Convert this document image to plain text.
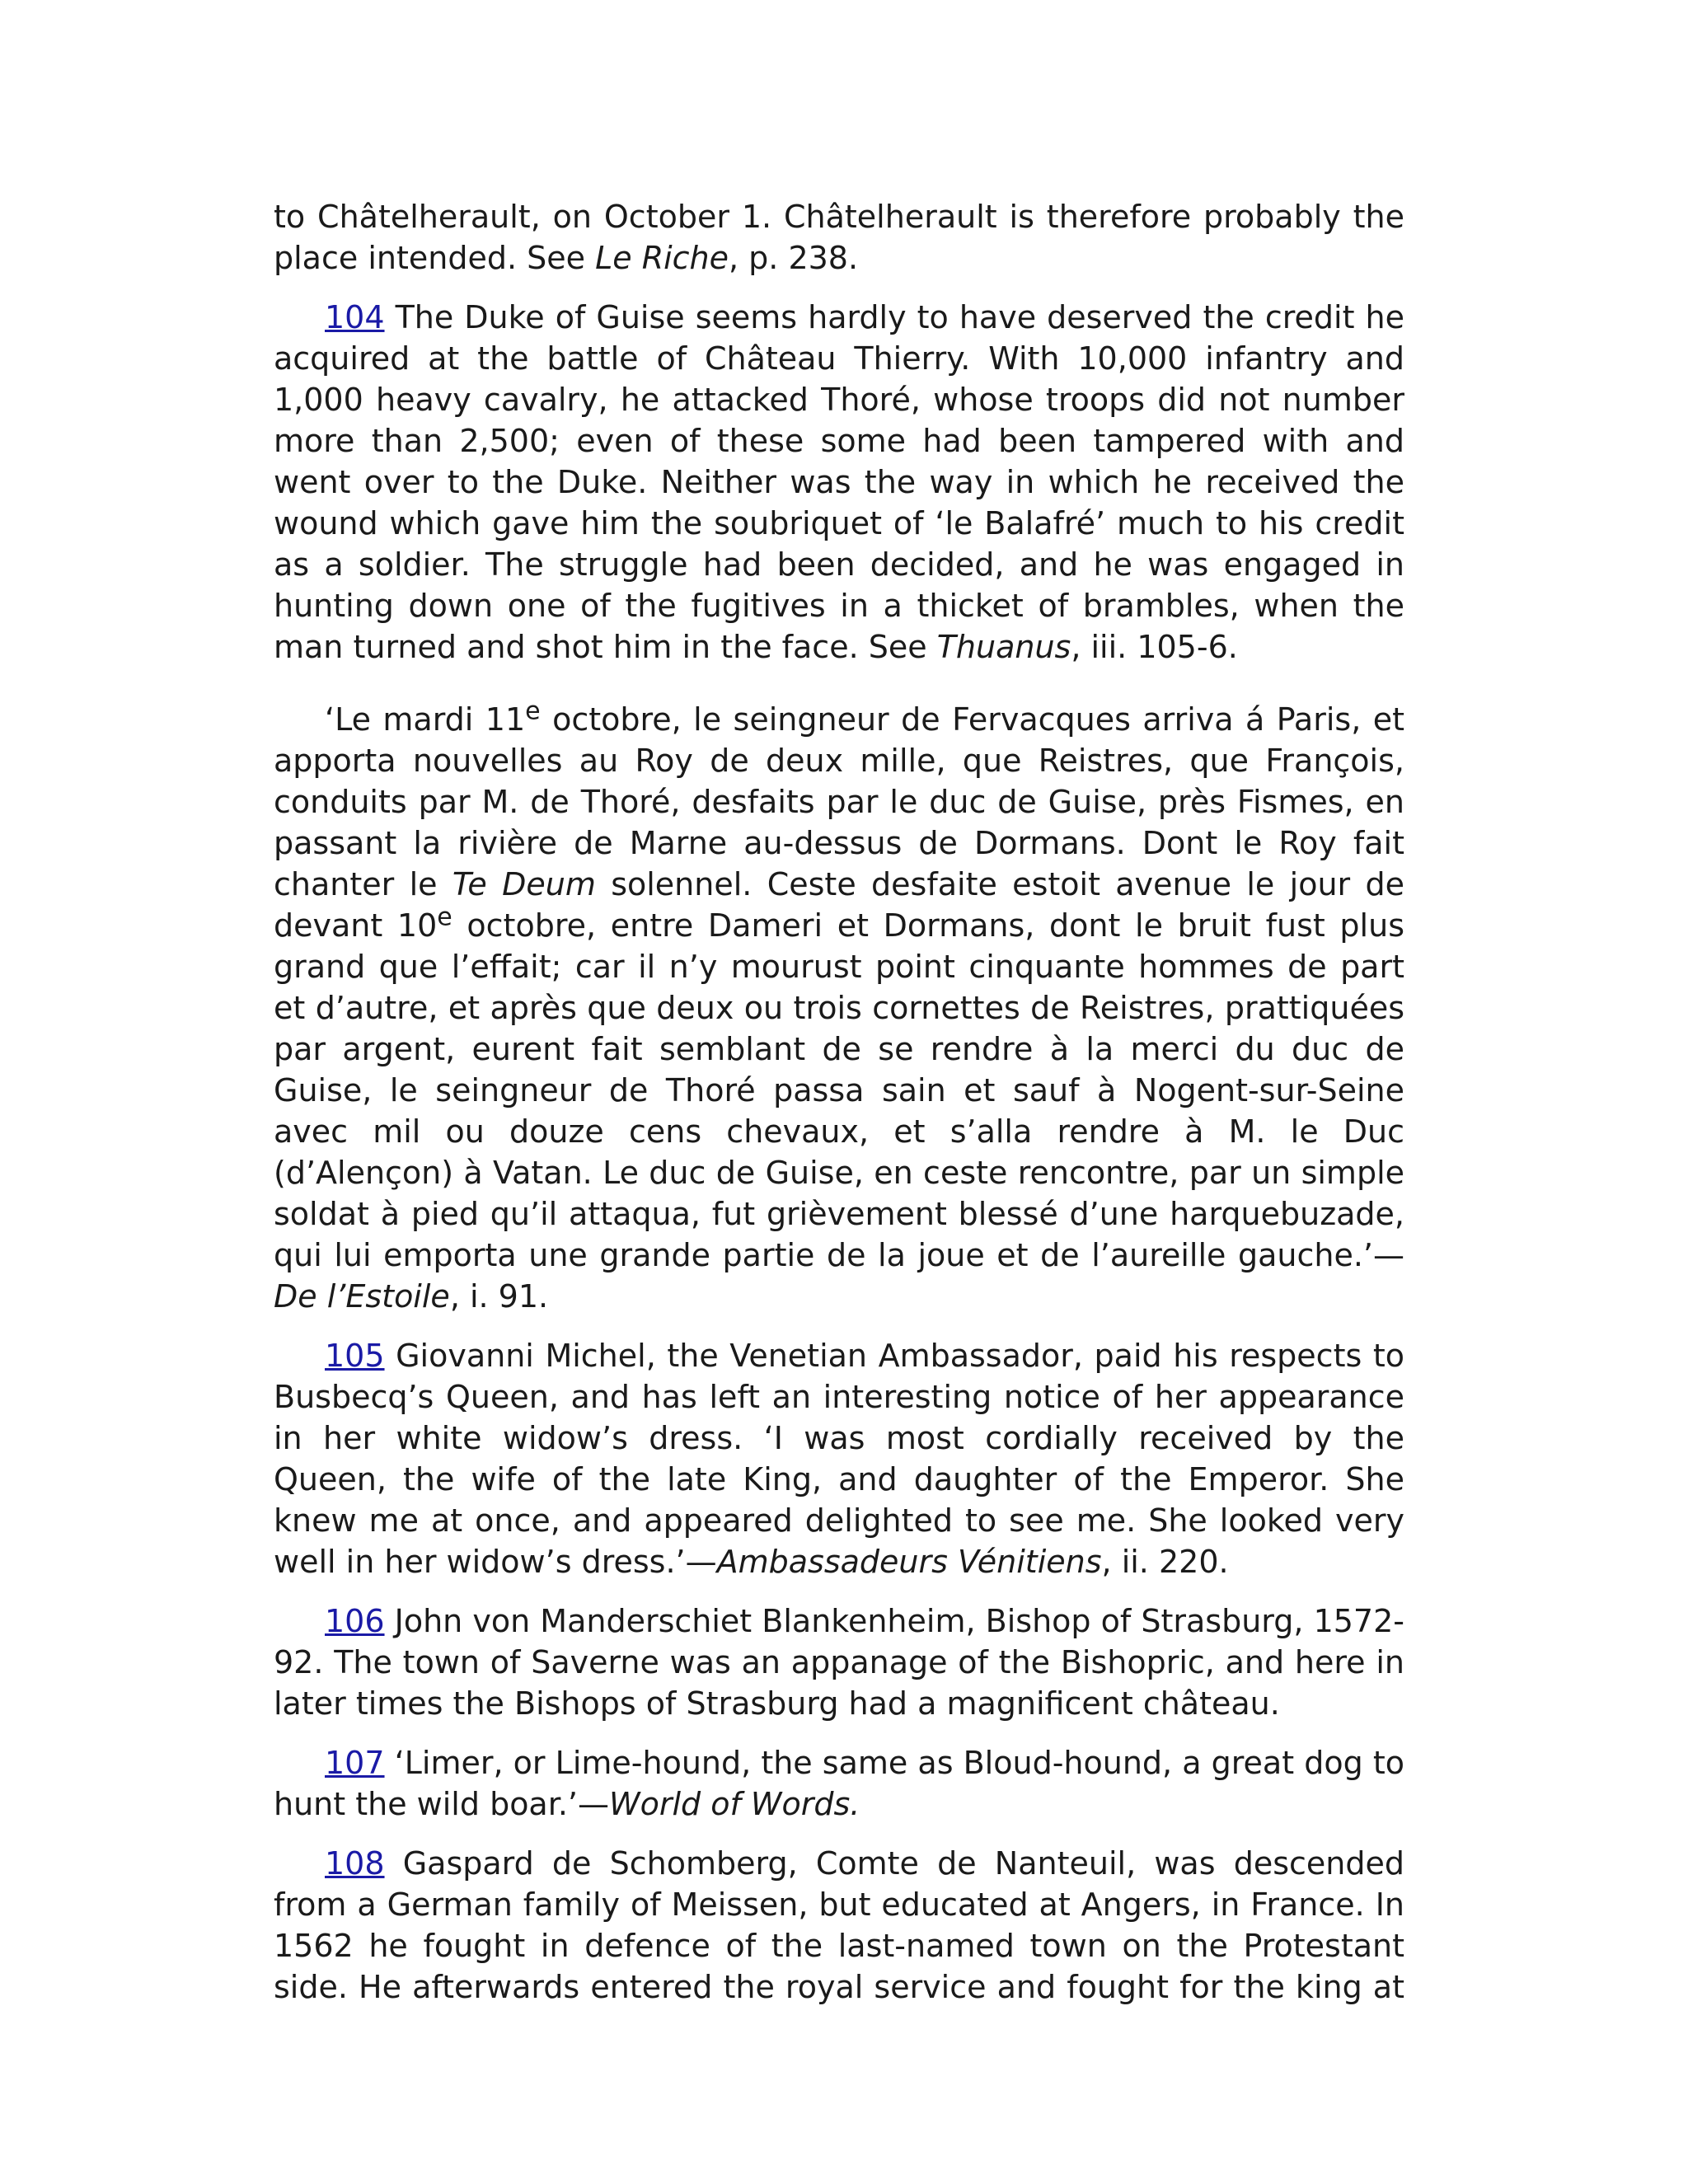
to Châtelherault, on October 1. Châtelherault is therefore probably the place intended. See Le Riche, p. 238.

104 The Duke of Guise seems hardly to have deserved the credit he acquired at the battle of Château Thierry. With 10,000 infantry and 1,000 heavy cavalry, he attacked Thoré, whose troops did not number more than 2,500; even of these some had been tampered with and went over to the Duke. Neither was the way in which he received the wound which gave him the soubriquet of ‘le Balafré’ much to his credit as a soldier. The struggle had been decided, and he was engaged in hunting down one of the fugitives in a thicket of brambles, when the man turned and shot him in the face. See Thuanus, iii. 105-6.

‘Le mardi 11e octobre, le seingneur de Fervacques arriva á Paris, et apporta nouvelles au Roy de deux mille, que Reistres, que François, conduits par M. de Thoré, desfaits par le duc de Guise, près Fismes, en passant la rivière de Marne au-dessus de Dormans. Dont le Roy fait chanter le Te Deum solennel. Ceste desfaite estoit avenue le jour de devant 10e octobre, entre Dameri et Dormans, dont le bruit fust plus grand que l’effait; car il n’y mourust point cinquante hommes de part et d’autre, et après que deux ou trois cornettes de Reistres, prattiquées par argent, eurent fait semblant de se rendre à la merci du duc de Guise, le seingneur de Thoré passa sain et sauf à Nogent-sur-Seine avec mil ou douze cens chevaux, et s’alla rendre à M. le Duc (d’Alençon) à Vatan. Le duc de Guise, en ceste rencontre, par un simple soldat à pied qu’il attaqua, fut grièvement blessé d’une harquebuzade, qui lui emporta une grande partie de la joue et de l’aureille gauche.’—De l’Estoile, i. 91.

105 Giovanni Michel, the Venetian Ambassador, paid his respects to Busbecq’s Queen, and has left an interesting notice of her appearance in her white widow’s dress. ‘I was most cordially received by the Queen, the wife of the late King, and daughter of the Emperor. She knew me at once, and appeared delighted to see me. She looked very well in her widow’s dress.’—Ambassadeurs Vénitiens, ii. 220.

106 John von Manderschiet Blankenheim, Bishop of Strasburg, 1572-92. The town of Saverne was an appanage of the Bishopric, and here in later times the Bishops of Strasburg had a magnificent château.

107 ‘Limer, or Lime-hound, the same as Bloud-hound, a great dog to hunt the wild boar.’—World of Words.

108 Gaspard de Schomberg, Comte de Nanteuil, was descended from a German family of Meissen, but educated at Angers, in France. In 1562 he fought in defence of the last-named town on the Protestant side. He afterwards entered the royal service and fought for the king at
